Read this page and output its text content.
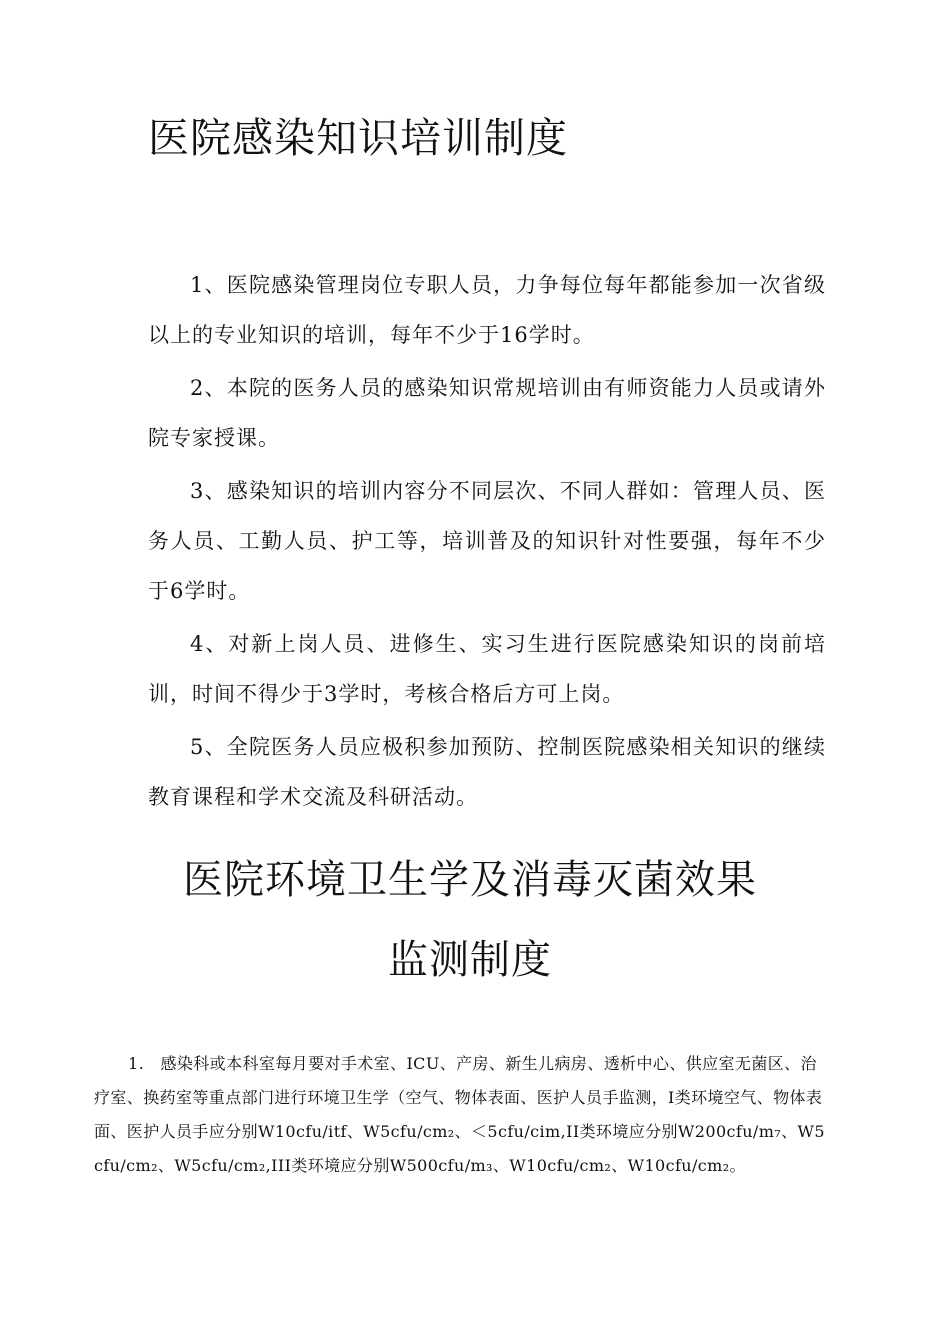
医院感染知识培训制度

1、医院感染管理岗位专职人员，力争每位每年都能参加一次省级以上的专业知识的培训，每年不少于16学时。

2、本院的医务人员的感染知识常规培训由有师资能力人员或请外院专家授课。

3、感染知识的培训内容分不同层次、不同人群如：管理人员、医务人员、工勤人员、护工等，培训普及的知识针对性要强，每年不少于6学时。

4、对新上岗人员、进修生、实习生进行医院感染知识的岗前培训，时间不得少于3学时，考核合格后方可上岗。

5、全院医务人员应极积参加预防、控制医院感染相关知识的继续教育课程和学术交流及科研活动。

医院环境卫生学及消毒灭菌效果
监测制度

1.　感染科或本科室每月要对手术室、ICU、产房、新生儿病房、透析中心、供应室无菌区、治疗室、换药室等重点部门进行环境卫生学（空气、物体表面、医护人员手监测，Ⅰ类环境空气、物体表面、医护人员手应分别W10cfu/itf、W5cfu/cm₂、＜5cfu/cim,II类环境应分别W200cfu/m₇、W5cfu/cm₂、W5cfu/cm₂,III类环境应分别W500cfu/m₃、W10cfu/cm₂、W10cfu/cm₂。
